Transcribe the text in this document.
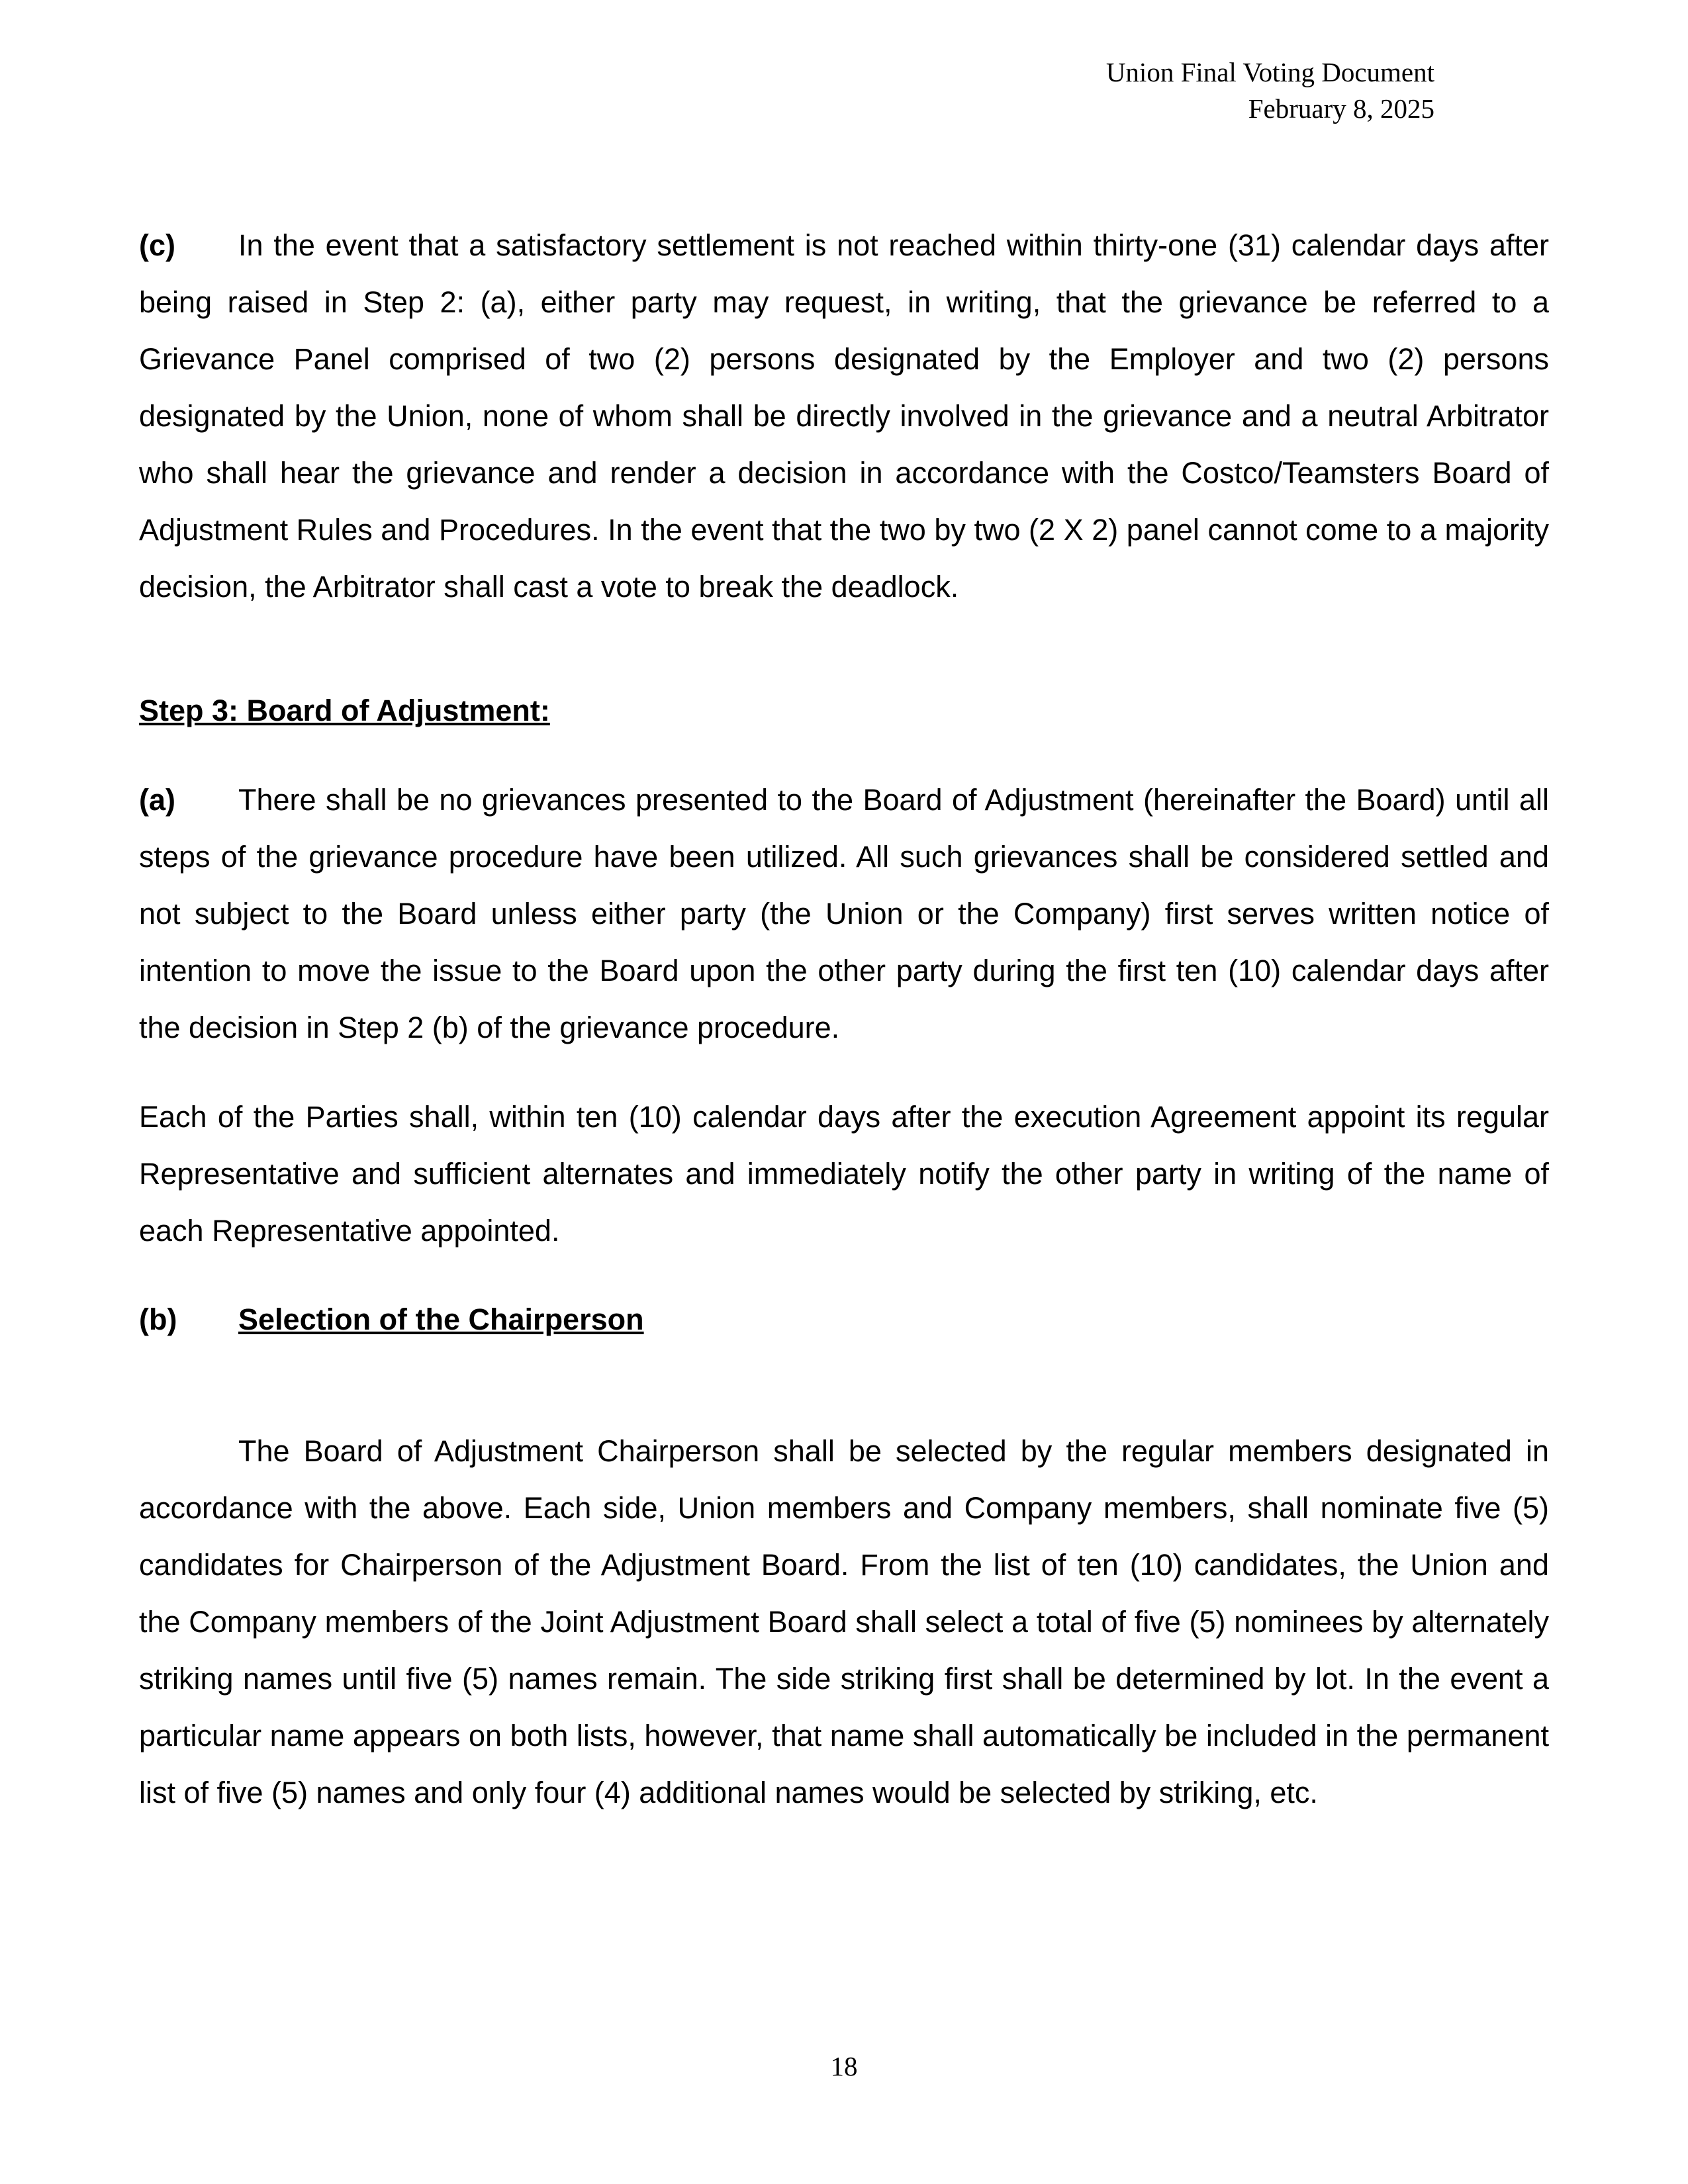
Union Final Voting Document
February 8, 2025
(c) In the event that a satisfactory settlement is not reached within thirty-one (31) calendar days after being raised in Step 2: (a), either party may request, in writing, that the grievance be referred to a Grievance Panel comprised of two (2) persons designated by the Employer and two (2) persons designated by the Union, none of whom shall be directly involved in the grievance and a neutral Arbitrator who shall hear the grievance and render a decision in accordance with the Costco/Teamsters Board of Adjustment Rules and Procedures. In the event that the two by two (2 X 2) panel cannot come to a majority decision, the Arbitrator shall cast a vote to break the deadlock.
Step 3: Board of Adjustment:
(a) There shall be no grievances presented to the Board of Adjustment (hereinafter the Board) until all steps of the grievance procedure have been utilized. All such grievances shall be considered settled and not subject to the Board unless either party (the Union or the Company) first serves written notice of intention to move the issue to the Board upon the other party during the first ten (10) calendar days after the decision in Step 2 (b) of the grievance procedure.
Each of the Parties shall, within ten (10) calendar days after the execution Agreement appoint its regular Representative and sufficient alternates and immediately notify the other party in writing of the name of each Representative appointed.
(b) Selection of the Chairperson
The Board of Adjustment Chairperson shall be selected by the regular members designated in accordance with the above. Each side, Union members and Company members, shall nominate five (5) candidates for Chairperson of the Adjustment Board. From the list of ten (10) candidates, the Union and the Company members of the Joint Adjustment Board shall select a total of five (5) nominees by alternately striking names until five (5) names remain. The side striking first shall be determined by lot. In the event a particular name appears on both lists, however, that name shall automatically be included in the permanent list of five (5) names and only four (4) additional names would be selected by striking, etc.
18
